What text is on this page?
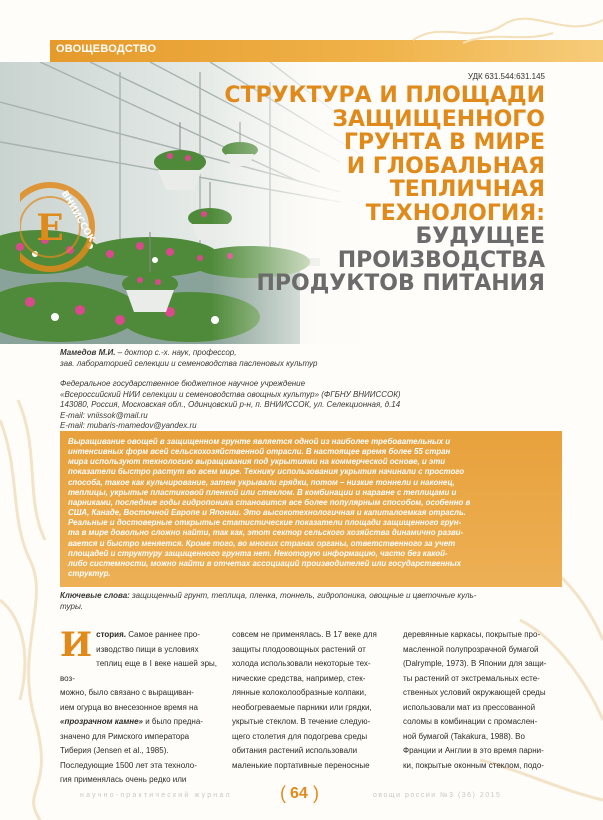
ОВОЩЕВОДСТВО
УДК 631.544:631.145
СТРУКТУРА И ПЛОЩАДИ
ЗАЩИЩЕННОГО
ГРУНТА В МИРЕ
И ГЛОБАЛЬНАЯ
ТЕПЛИЧНАЯ
ТЕХНОЛОГИЯ:
БУДУЩЕЕ
ПРОИЗВОДСТВА
ПРОДУКТОВ ПИТАНИЯ
Е
ВНИИССОК
Мамедов М.И. – доктор с.-х. наук, профессор,
зав. лабораторией селекции и семеноводства пасленовых культур
Федеральное государственное бюджетное научное учреждение
«Всероссийский НИИ селекции и семеноводства овощных культур» (ФГБНУ ВНИИССОК)
143080, Россия, Московская обл., Одинцовский р-н, п. ВНИИССОК, ул. Селекционная, д.14
E-mail: vniissok@mail.ru
E-mail: mubaris-mamedov@yandex.ru
Выращивание овощей в защищенном грунте является одной из наиболее требовательных и
интенсивных форм всей сельскохозяйственной отрасли. В настоящее время более 55 стран
мира используют технологию выращивания под укрытиями на коммерческой основе, и эти
показатели быстро растут во всем мире. Технику использования укрытия начинали с простого
способа, такое как кульчирование, затем укрывали грядки, потом – низкие тоннели и наконец,
теплицы, укрытые пластиковой пленкой или стеклом. В комбинации и наравне с теплицами и
парниками, последние годы гидропоника становится все более популярным способом, особенно в
США, Канаде, Восточной Европе и Японии. Это высокотехнологичная и капиталоемкая отрасль.
Реальные и достоверные открытые статистические показатели площади защищенного грун-
та в мире довольно сложно найти, так как, этот сектор сельского хозяйства динамично разви-
вается и быстро меняется. Кроме того, во многих странах органы, ответственного за учет
площадей и структуру защищенного грунта нет. Некоторую информацию, часто без какой-
либо системности, можно найти в отчетах ассоциаций производителей или государственных
структур.
Ключевые слова: защищенный грунт, теплица, пленка, тоннель, гидропоника, овощные и цветочные куль-
туры.
И стория. Самое раннее про-
изводство пищи в условиях
теплиц еще в I веке нашей эры, воз-
можно, было связано с выращиван-
ием огурца во внесезонное время на
«прозрачном камне» и было предна-
значено для Римского императора
Тиберия (Jensen et al., 1985).
Последующие 1500 лет эта техноло-
гия применялась очень редко или
совсем не применялась. В 17 веке для
защиты плодоовощных растений от
холода использовали некоторые тех-
нические средства, например, стек-
лянные колоколообразные колпаки,
необогреваемые парники или грядки,
укрытые стеклом. В течение следую-
щего столетия для подогрева среды
обитания растений использовали
маленькие портативные переносные
деревянные каркасы, покрытые про-
масленной полупрозрачной бумагой
(Dalrymple, 1973). В Японии для защи-
ты растений от экстремальных есте-
ственных условий окружающей среды
использовали мат из прессованной
соломы в комбинации с промаслен-
ной бумагой (Takakura, 1988). Во
Франции и Англии в это время парни-
ки, покрытые оконным стеклом, подо-
научно-практический журнал	( 64 )	овощи россии №3 (36) 2015
